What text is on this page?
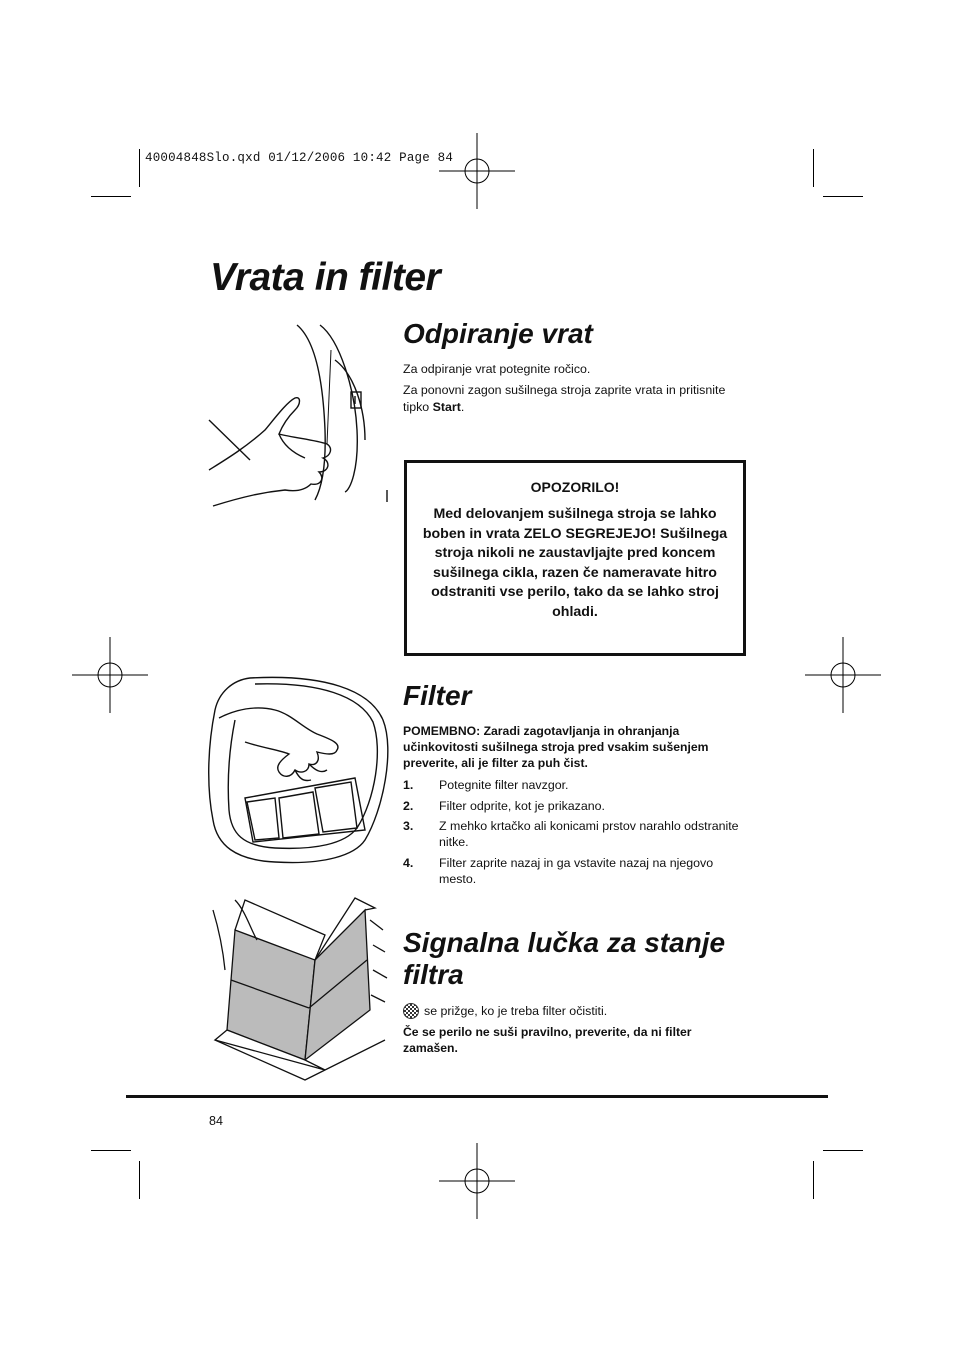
40004848Slo.qxd 01/12/2006 10:42 Page 84
Vrata in filter
Odpiranje vrat
Za odpiranje vrat potegnite ročico.
Za ponovni zagon sušilnega stroja zaprite vrata in pritisnite tipko Start.
OPOZORILO!
Med delovanjem sušilnega stroja se lahko boben in vrata ZELO SEGREJEJO! Sušilnega stroja nikoli ne zaustavljajte pred koncem sušilnega cikla, razen če nameravate hitro odstraniti vse perilo, tako da se lahko stroj ohladi.
Filter
POMEMBNO: Zaradi zagotavljanja in ohranjanja učinkovitosti sušilnega stroja pred vsakim sušenjem preverite, ali je filter za puh čist.
1. Potegnite filter navzgor.
2. Filter odprite, kot je prikazano.
3. Z mehko krtačko ali konicami prstov narahlo odstranite nitke.
4. Filter zaprite nazaj in ga vstavite nazaj na njegovo mesto.
Signalna lučka za stanje filtra
se prižge, ko je treba filter očistiti.
Če se perilo ne suši pravilno, preverite, da ni filter zamašen.
84
